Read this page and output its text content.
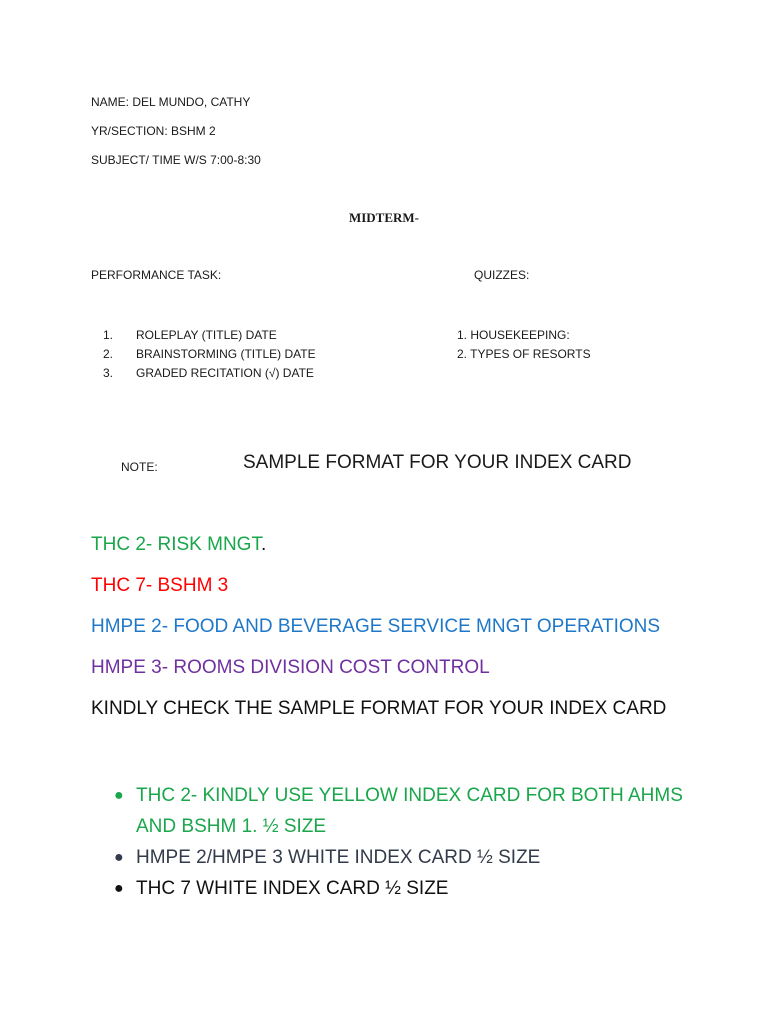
NAME: DEL MUNDO, CATHY
YR/SECTION: BSHM 2
SUBJECT/ TIME W/S 7:00-8:30
MIDTERM-
PERFORMANCE TASK:	QUIZZES:
1. ROLEPLAY (TITLE) DATE
2. BRAINSTORMING (TITLE) DATE
3. GRADED RECITATION (√) DATE
1. HOUSEKEEPING:
2. TYPES OF RESORTS
NOTE:	SAMPLE FORMAT FOR YOUR INDEX CARD
THC 2- RISK MNGT.
THC 7- BSHM 3
HMPE 2- FOOD AND BEVERAGE SERVICE MNGT OPERATIONS
HMPE 3- ROOMS DIVISION COST CONTROL
KINDLY CHECK THE SAMPLE FORMAT FOR YOUR INDEX CARD
● THC 2- KINDLY USE YELLOW INDEX CARD FOR BOTH AHMS AND BSHM 1. ½ SIZE
● HMPE 2/HMPE 3 WHITE INDEX CARD ½ SIZE
● THC 7 WHITE INDEX CARD ½ SIZE
